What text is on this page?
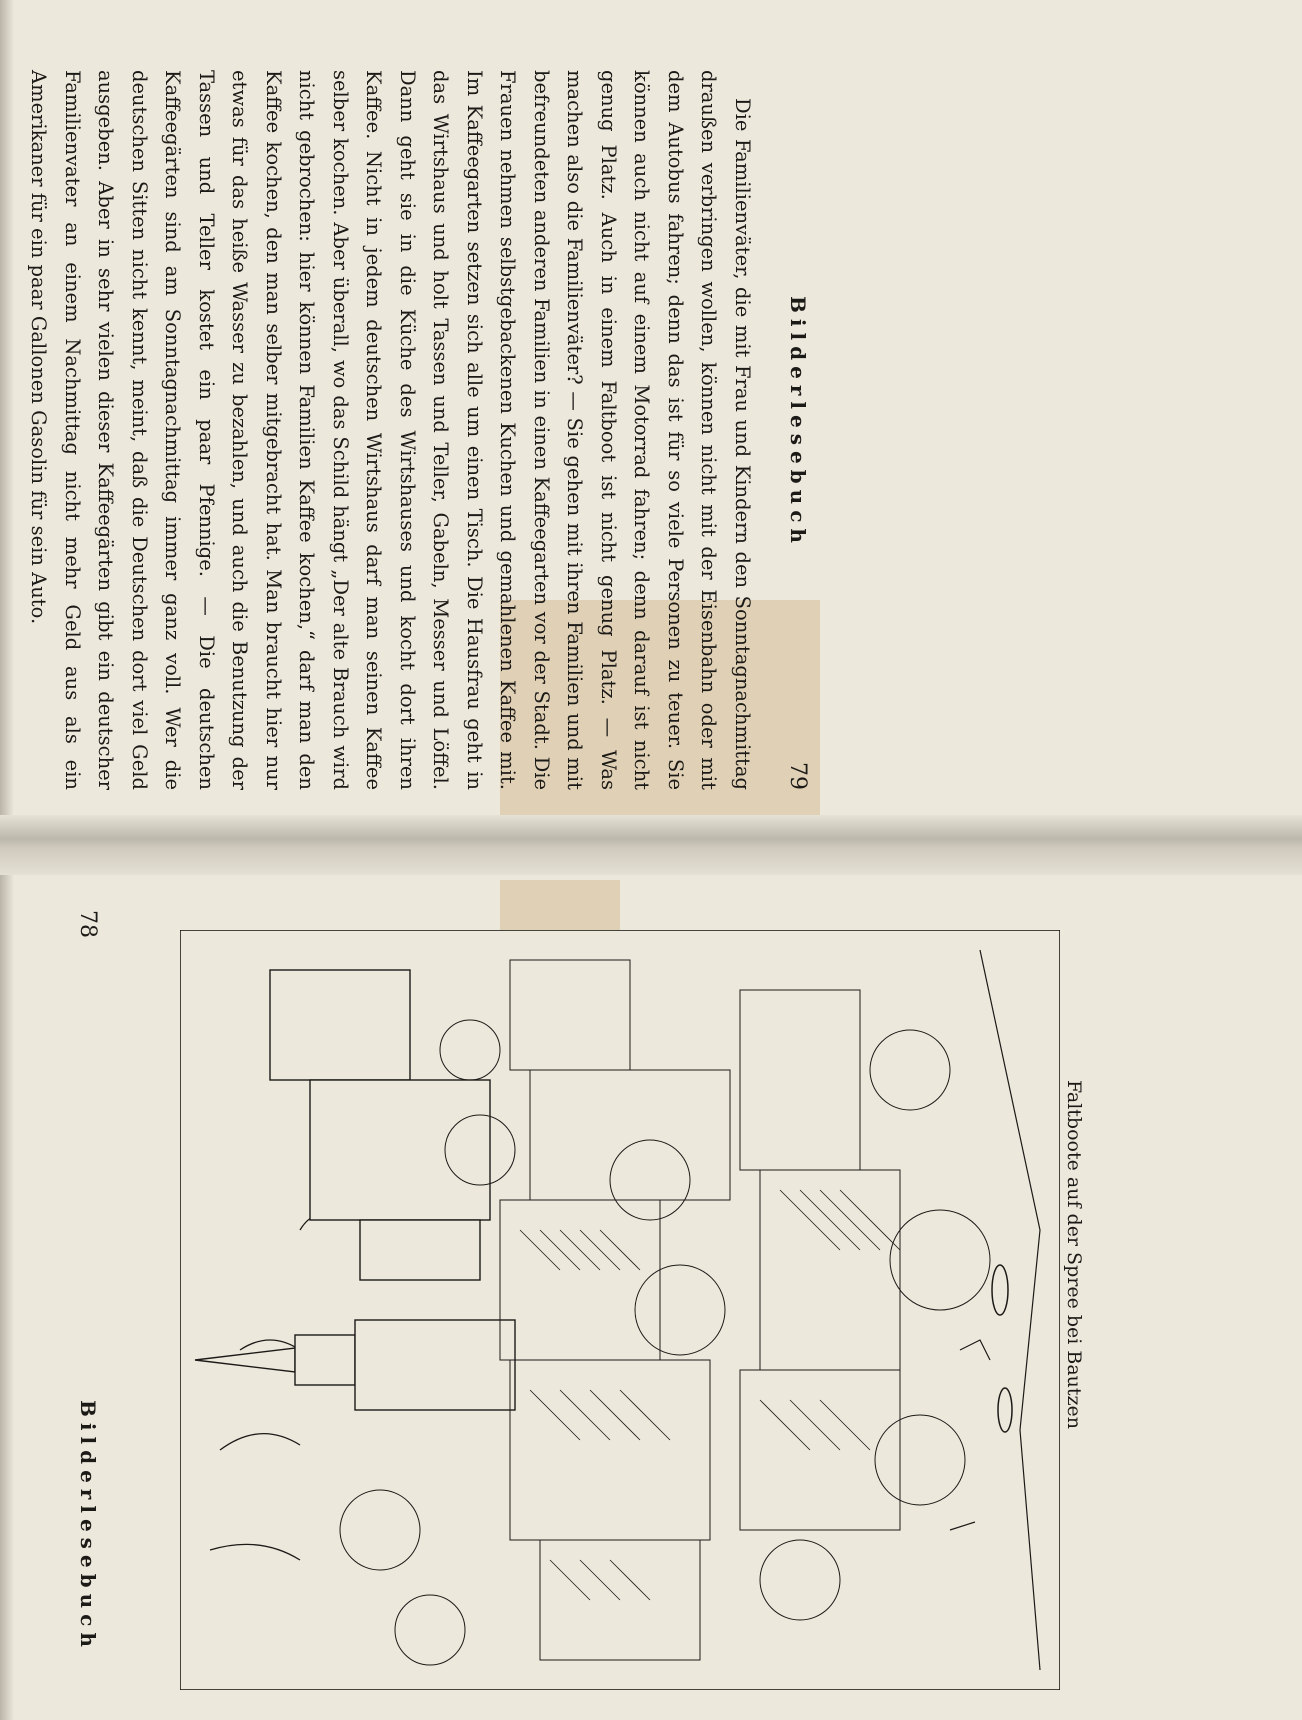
Bilderlesebuch
79

Die Familienväter, die mit Frau und Kindern den Sonntagnachmittag draußen verbringen wollen, können nicht mit der Eisenbahn oder mit dem Autobus fahren; denn das ist für so viele Personen zu teuer. Sie können auch nicht auf einem Motorrad fahren; denn darauf ist nicht genug Platz. Auch in einem Faltboot ist nicht genug Platz. — Was machen also die Familienväter? — Sie gehen mit ihren Familien und mit befreundeten anderen Familien in einen Kaffeegarten vor der Stadt. Die Frauen nehmen selbstgebackenen Kuchen und gemahlenen Kaffee mit. Im Kaffeegarten setzen sich alle um einen Tisch. Die Hausfrau geht in das Wirtshaus und holt Tassen und Teller, Gabeln, Messer und Löffel. Dann geht sie in die Küche des Wirtshauses und kocht dort ihren Kaffee. Nicht in jedem deutschen Wirtshaus darf man seinen Kaffee selber kochen. Aber überall, wo das Schild hängt „Der alte Brauch wird nicht gebrochen: hier können Familien Kaffee kochen,“ darf man den Kaffee kochen, den man selber mitgebracht hat. Man braucht hier nur etwas für das heiße Wasser zu bezahlen, und auch die Benutzung der Tassen und Teller kostet ein paar Pfennige. — Die deutschen Kaffeegärten sind am Sonntagnachmittag immer ganz voll. Wer die deutschen Sitten nicht kennt, meint, daß die Deutschen dort viel Geld ausgeben. Aber in sehr vielen dieser Kaffeegärten gibt ein deutscher Familienvater an einem Nachmittag nicht mehr Geld aus als ein Amerikaner für ein paar Gallonen Gasolin für sein Auto.

78
Bilderlesebuch
Faltboote auf der Spree bei Bautzen
